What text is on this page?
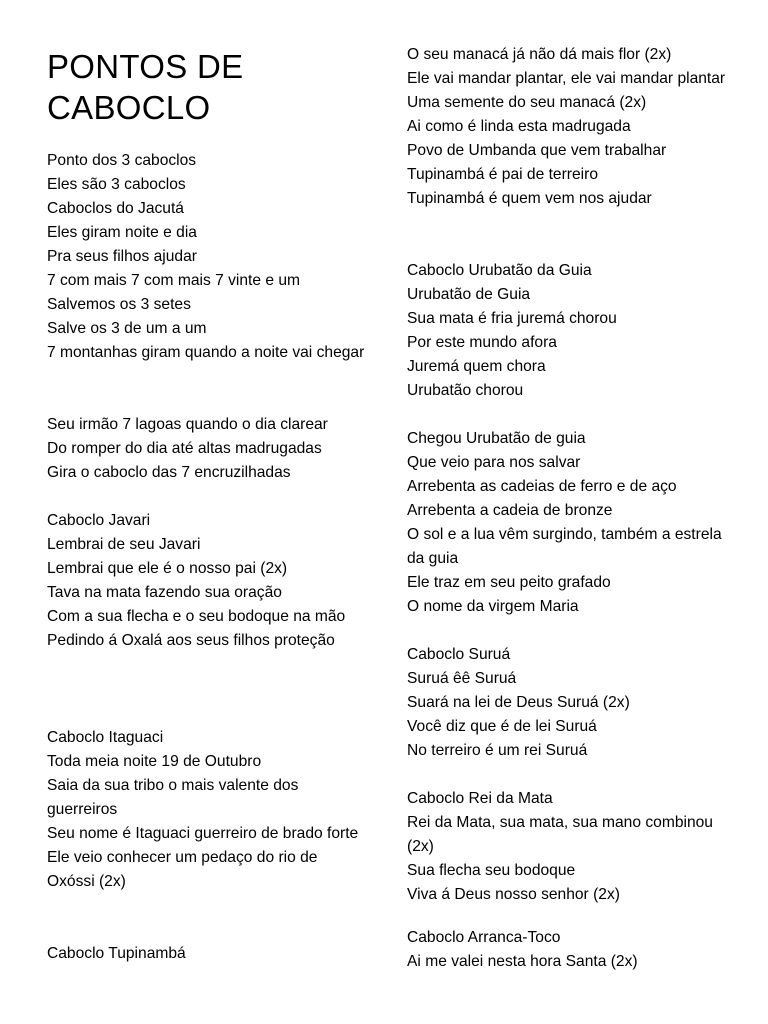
PONTOS DE CABOCLO
Ponto dos 3 caboclos
Eles são 3 caboclos
Caboclos do Jacutá
Eles giram noite e dia
Pra seus filhos ajudar
7 com mais 7 com mais 7 vinte e um
Salvemos os 3 setes
Salve os 3 de um a um
7 montanhas giram quando a noite vai chegar
Seu irmão 7 lagoas quando o dia clarear
Do romper do dia até altas madrugadas
Gira o caboclo das 7 encruzilhadas
Caboclo Javari
Lembrai de seu Javari
Lembrai que ele é o nosso pai (2x)
Tava na mata fazendo sua oração
Com a sua flecha e o seu bodoque na mão
Pedindo á Oxalá aos seus filhos proteção
Caboclo Itaguaci
Toda meia noite 19 de Outubro
Saia da sua tribo o mais valente dos guerreiros
Seu nome é Itaguaci guerreiro de brado forte
Ele veio conhecer um pedaço do rio de Oxóssi (2x)
Caboclo Tupinambá
O seu manacá já não dá mais flor (2x)
Ele vai mandar plantar, ele vai mandar plantar
Uma semente do seu manacá (2x)
Ai como é linda esta madrugada
Povo de Umbanda que vem trabalhar
Tupinambá é pai de terreiro
Tupinambá é quem vem nos ajudar
Caboclo Urubatão da Guia
Urubatão de Guia
Sua mata é fria juremá chorou
Por este mundo afora
Juremá quem chora
Urubatão chorou
Chegou Urubatão de guia
Que veio para nos salvar
Arrebenta as cadeias de ferro e de aço
Arrebenta a cadeia de bronze
O sol e a lua vêm surgindo, também a estrela da guia
Ele traz em seu peito grafado
O nome da virgem Maria
Caboclo Suruá
Suruá êê Suruá
Suará na lei de Deus Suruá (2x)
Você diz que é de lei Suruá
No terreiro é um rei Suruá
Caboclo Rei da Mata
Rei da Mata, sua mata, sua mano combinou (2x)
Sua flecha seu bodoque
Viva á Deus nosso senhor (2x)
Caboclo Arranca-Toco
Ai me valei nesta hora Santa (2x)
